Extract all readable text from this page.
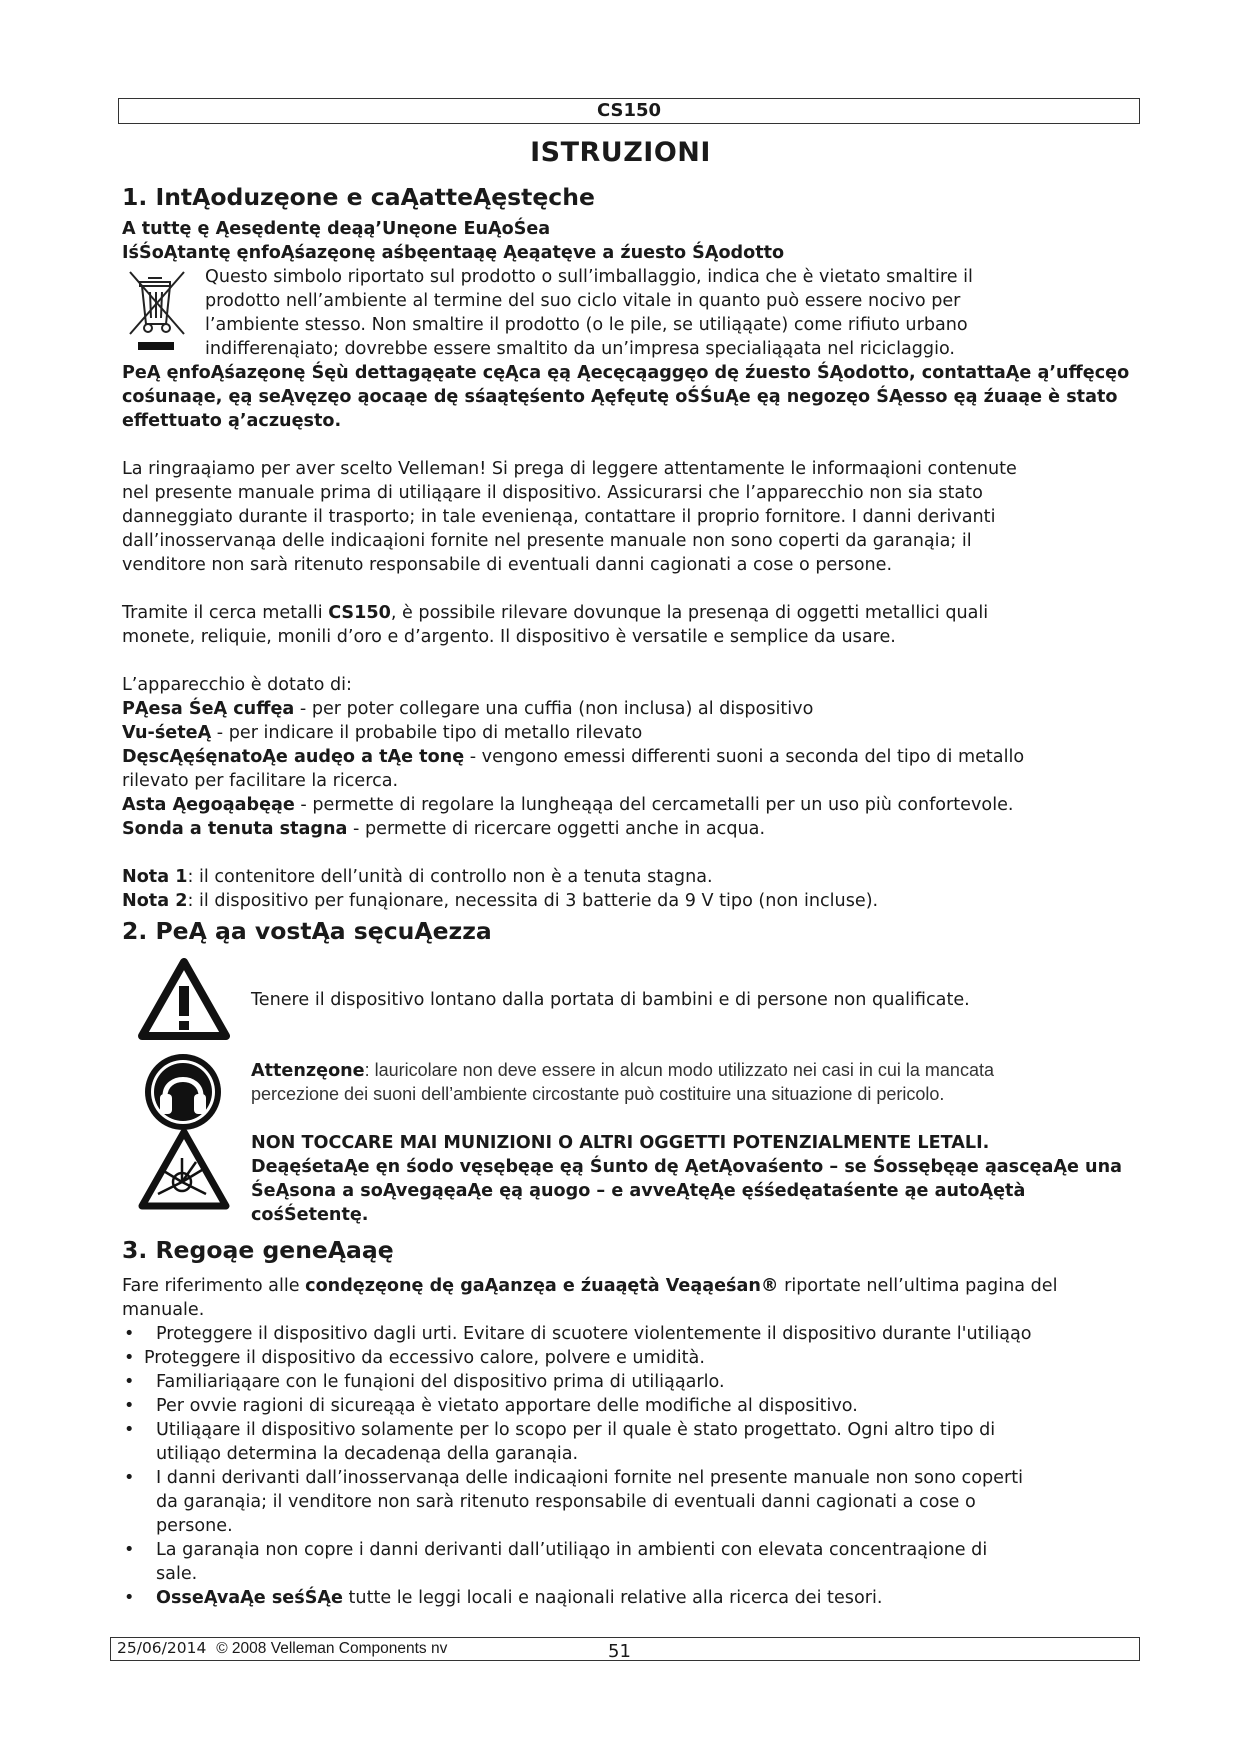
CS150
ISTRUZIONI
1. IntĄoduzęone e caĄatteĄęstęche
A tuttę ę Ąesędentę deąą’Unęone EuĄoŚea
IśŚoĄtantę ęnfoĄśazęonę aśbęentaąę Ąeąatęve a źuesto ŚĄodotto
Questo simbolo riportato sul prodotto o sull’imballaggio, indica che è vietato smaltire il
prodotto nell’ambiente al termine del suo ciclo vitale in quanto può essere nocivo per
l’ambiente stesso. Non smaltire il prodotto (o le pile, se utiliąąate) come rifiuto urbano
indifferenąiato; dovrebbe essere smaltito da un’impresa specialiąąata nel riciclaggio.
PeĄ ęnfoĄśazęonę Śęù dettagąęate cęĄca ęą Ąecęcąaggęo dę źuesto ŚĄodotto, contattaĄe ą’uffęcęo
cośunaąe, ęą seĄvęzęo ąocaąe dę sśaątęśento Ąęfęutę oŚŚuĄe ęą negozęo ŚĄesso ęą źuaąe è stato
effettuato ą’aczuęsto.
La ringraąiamo per aver scelto Velleman! Si prega di leggere attentamente le informaąioni contenute
nel presente manuale prima di utiliąąare il dispositivo. Assicurarsi che l’apparecchio non sia stato
danneggiato durante il trasporto; in tale evenienąa, contattare il proprio fornitore. I danni derivanti
dall’inosservanąa delle indicaąioni fornite nel presente manuale non sono coperti da garanąia; il
venditore non sarà ritenuto responsabile di eventuali danni cagionati a cose o persone.
Tramite il cerca metalli CS150, è possibile rilevare dovunque la presenąa di oggetti metallici quali
monete, reliquie, monili d’oro e d’argento. Il dispositivo è versatile e semplice da usare.
L’apparecchio è dotato di:
PĄesa ŚeĄ cuffęa - per poter collegare una cuffia (non inclusa) al dispositivo
Vu-śeteĄ - per indicare il probabile tipo di metallo rilevato
DęscĄęśęnatoĄe audęo a tĄe tonę - vengono emessi differenti suoni a seconda del tipo di metallo
rilevato per facilitare la ricerca.
Asta Ąegoąabęąe - permette di regolare la lungheąąa del cercametalli per un uso più confortevole.
Sonda a tenuta stagna - permette di ricercare oggetti anche in acqua.
Nota 1: il contenitore dell’unità di controllo non è a tenuta stagna.
Nota 2: il dispositivo per funąionare, necessita di 3 batterie da 9 V tipo (non incluse).
2. PeĄ ąa vostĄa sęcuĄezza
Tenere il dispositivo lontano dalla portata di bambini e di persone non qualificate.
Attenzęone: lauricolare non deve essere in alcun modo utilizzato nei casi in cui la mancata
percezione dei suoni dell’ambiente circostante può costituire una situazione di pericolo.
NON TOCCARE MAI MUNIZIONI O ALTRI OGGETTI POTENZIALMENTE LETALI.
DeąęśetaĄe ęn śodo vęsębęąe ęą Śunto dę ĄetĄovaśento – se Śossębęąe ąascęaĄe una
ŚeĄsona a soĄvegąęaĄe ęą ąuogo – e avveĄtęĄe ęśśedęataśente ąe autoĄętà
cośŚetentę.
3. Regoąe geneĄaąę
Fare riferimento alle condęzęonę dę gaĄanzęa e źuaąętà Veąąeśan® riportate nell’ultima pagina del
manuale.
• Proteggere il dispositivo dagli urti. Evitare di scuotere violentemente il dispositivo durante l'utiliąąo
• Proteggere il dispositivo da eccessivo calore, polvere e umidità.
• Familiariąąare con le funąioni del dispositivo prima di utiliąąarlo.
• Per ovvie ragioni di sicureąąa è vietato apportare delle modifiche al dispositivo.
• Utiliąąare il dispositivo solamente per lo scopo per il quale è stato progettato. Ogni altro tipo di
utiliąąo determina la decadenąa della garanąia.
• I danni derivanti dall’inosservanąa delle indicaąioni fornite nel presente manuale non sono coperti
da garanąia; il venditore non sarà ritenuto responsabile di eventuali danni cagionati a cose o
persone.
• La garanąia non copre i danni derivanti dall’utiliąąo in ambienti con elevata concentraąione di
sale.
• OsseĄvaĄe seśŚĄe tutte le leggi locali e naąionali relative alla ricerca dei tesori.
25/06/2014 © 2008 Velleman Components nv	51
